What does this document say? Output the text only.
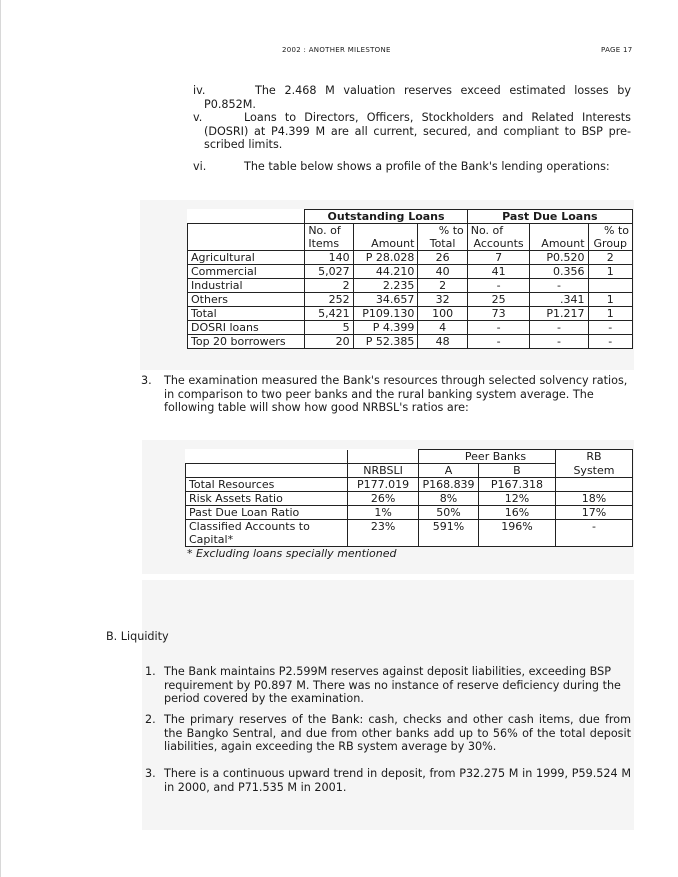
2002 : ANOTHER MILESTONE	PAGE 17
iv.	The 2.468 M valuation reserves exceed estimated losses by P0.852M.
v.	Loans to Directors, Officers, Stockholders and Related Interests (DOSRI) at P4.399 M are all current, secured, and compliant to BSP pre-scribed limits.
vi.	The table below shows a profile of the Bank's lending operations:
	Outstanding Loans			Past Due Loans		
	No. of		% to	No. of		% to
	Items	Amount	Total	Accounts	Amount	Group
Agricultural	140	P 28.028	26	7	P0.520	2
Commercial	5,027	44.210	40	41	0.356	1
Industrial	2	2.235	2	-	-	
Others	252	34.657	32	25	.341	1
Total	5,421	P109.130	100	73	P1.217	1
DOSRI loans	5	P 4.399	4	-	-	-
Top 20 borrowers	20	P 52.385	48	-	-	-
3.	The examination measured the Bank's resources through selected solvency ratios, in comparison to two peer banks and the rural banking system average. The following table will show how good NRBSL's ratios are:
		Peer Banks		RB
	NRBSLI	A	B	System
Total Resources	P177.019	P168.839	P167.318	
Risk Assets Ratio	26%	8%	12%	18%
Past Due Loan Ratio	1%	50%	16%	17%
Classified Accounts to Capital*	23%	591%	196%	-
* Excluding loans specially mentioned
B. Liquidity
1. The Bank maintains P2.599M reserves against deposit liabilities, exceeding BSP requirement by P0.897 M. There was no instance of reserve deficiency during the period covered by the examination.
2. The primary reserves of the Bank: cash, checks and other cash items, due from the Bangko Sentral, and due from other banks add up to 56% of the total deposit liabilities, again exceeding the RB system average by 30%.
3. There is a continuous upward trend in deposit, from P32.275 M in 1999, P59.524 M in 2000, and P71.535 M in 2001.
